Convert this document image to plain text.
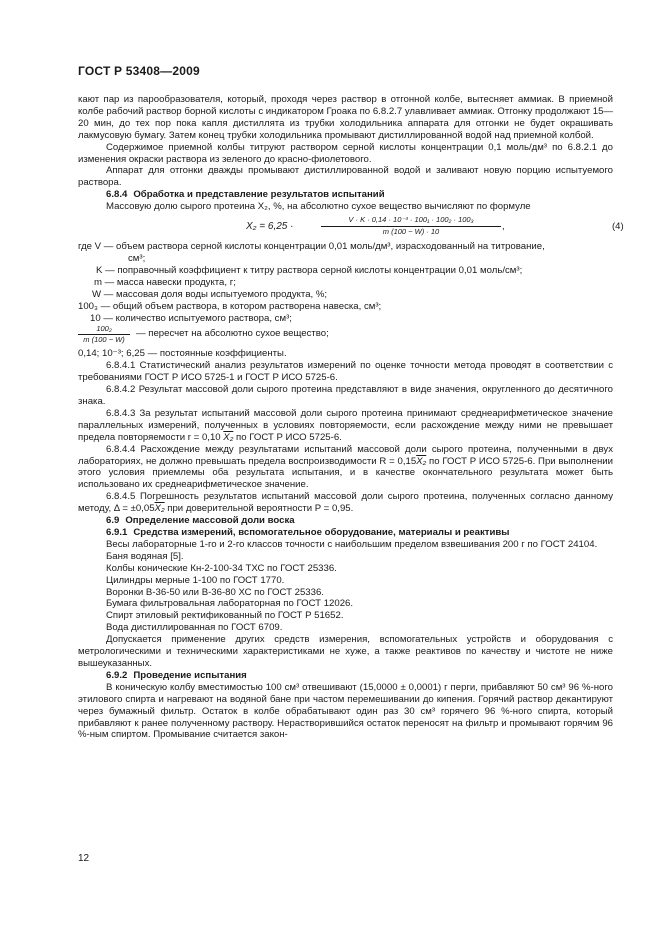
ГОСТ Р 53408—2009

кают пар из парообразователя, который, проходя через раствор в отгонной колбе, вытесняет аммиак. В приемной колбе рабочий раствор борной кислоты с индикатором Гроака по 6.8.2.7 улавливает аммиак. Отгонку продолжают 15—20 мин, до тех пор пока капля дистиллята из трубки холодильника аппарата для отгонки не будет окрашивать лакмусовую бумагу. Затем конец трубки холодильника промывают дистиллированной водой над приемной колбой.

Содержимое приемной колбы титруют раствором серной кислоты концентрации 0,1 моль/дм³ по 6.8.2.1 до изменения окраски раствора из зеленого до красно-фиолетового.

Аппарат для отгонки дважды промывают дистиллированной водой и заливают новую порцию испытуемого раствора.

6.8.4 Обработка и представление результатов испытаний

Массовую долю сырого протеина X₂, %, на абсолютно сухое вещество вычисляют по формуле

X₂ = 6,25 ·	$\frac{\text{V · K · 0,14 · 10⁻³ · 100₁ · 100₂ · 100₃}}{m (100 - W) \cdot 10}$ ,	(4)

где V — объем раствора серной кислоты концентрации 0,01 моль/дм³, израсходованный на титрование,

см³;

K — поправочный коэффициент к титру раствора серной кислоты концентрации 0,01 моль/см³;

m — масса навески продукта, г;

W — массовая доля воды испытуемого продукта, %;

100₃ — общий объем раствора, в котором растворена навеска, см³;

10 — количество испытуемого раствора, см³;

$\frac{\text{100₂}}{m (100 - W)}$ — пересчет на абсолютно сухое вещество;

0,14; 10⁻³; 6,25 — постоянные коэффициенты.

6.8.4.1 Статистический анализ результатов измерений по оценке точности метода проводят в соответствии с требованиями ГОСТ Р ИСО 5725-1 и ГОСТ Р ИСО 5725-6.

6.8.4.2 Результат массовой доли сырого протеина представляют в виде значения, округленного до десятичного знака.

6.8.4.3 За результат испытаний массовой доли сырого протеина принимают среднеарифметическое значение параллельных измерений, полученных в условиях повторяемости, если расхождение между ними не превышает предела повторяемости r = 0,10 X₂ по ГОСТ Р ИСО 5725-6.

6.8.4.4 Расхождение между результатами испытаний массовой доли сырого протеина, полученными в двух лабораториях, не должно превышать предела воспроизводимости R = 0,15X₂ по ГОСТ Р ИСО 5725-6. При выполнении этого условия приемлемы оба результата испытания, и в качестве окончательного результата может быть использовано их среднеарифметическое значение.

6.8.4.5 Погрешность результатов испытаний массовой доли сырого протеина, полученных согласно данному методу, Δ = ±0,05X₂ при доверительной вероятности P = 0,95.

6.9 Определение массовой доли воска

6.9.1 Средства измерений, вспомогательное оборудование, материалы и реактивы

Весы лабораторные 1-го и 2-го классов точности с наибольшим пределом взвешивания 200 г по ГОСТ 24104.

Баня водяная [5].

Колбы конические Кн-2-100-34 ТХС по ГОСТ 25336.

Цилиндры мерные 1-100 по ГОСТ 1770.

Воронки В-36-50 или В-36-80 ХС по ГОСТ 25336.

Бумага фильтровальная лабораторная по ГОСТ 12026.

Спирт этиловый ректификованный по ГОСТ Р 51652.

Вода дистиллированная по ГОСТ 6709.

Допускается применение других средств измерения, вспомогательных устройств и оборудования с метрологическими и техническими характеристиками не хуже, а также реактивов по качеству и чистоте не ниже вышеуказанных.

6.9.2 Проведение испытания

В коническую колбу вместимостью 100 см³ отвешивают (15,0000 ± 0,0001) г перги, прибавляют 50 см³ 96 %-ного этилового спирта и нагревают на водяной бане при частом перемешивании до кипения. Горячий раствор декантируют через бумажный фильтр. Остаток в колбе обрабатывают один раз 30 см³ горячего 96 %-ного спирта, который прибавляют к ранее полученному раствору. Нерастворившийся остаток переносят на фильтр и промывают горячим 96 %-ным спиртом. Промывание считается закон-

12
